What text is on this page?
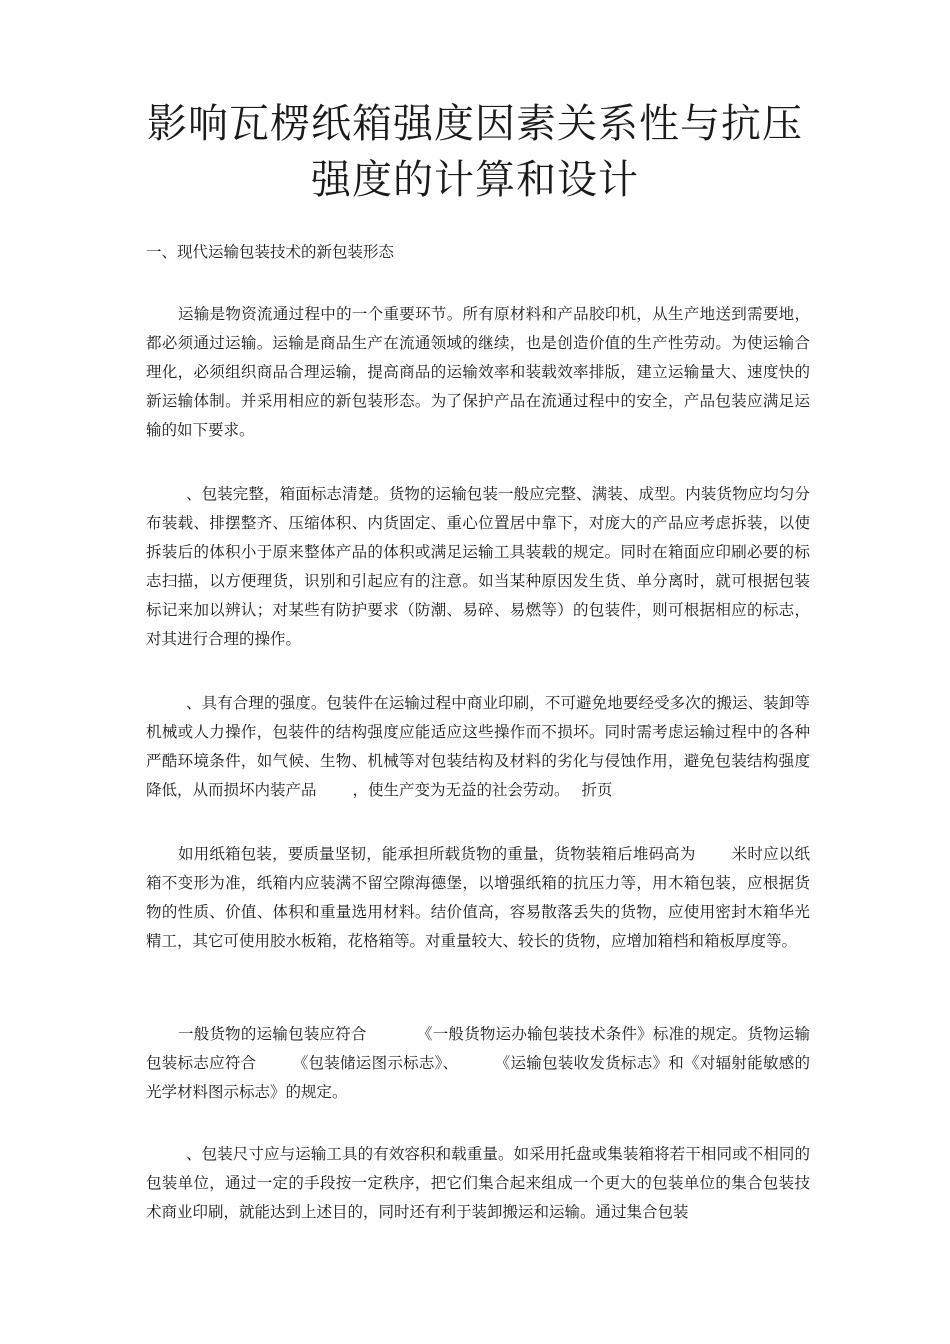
影响瓦楞纸箱强度因素关系性与抗压强度的计算和设计

一、现代运输包装技术的新包装形态

运输是物资流通过程中的一个重要环节。所有原材料和产品胶印机，从生产地送到需要地，都必须通过运输。运输是商品生产在流通领域的继续，也是创造价值的生产性劳动。为使运输合理化，必须组织商品合理运输，提高商品的运输效率和装载效率排版，建立运输量大、速度快的新运输体制。并采用相应的新包装形态。为了保护产品在流通过程中的安全，产品包装应满足运输的如下要求。

、包装完整，箱面标志清楚。货物的运输包装一般应完整、满装、成型。内装货物应均匀分布装载、排摆整齐、压缩体积、内货固定、重心位置居中靠下，对庞大的产品应考虑拆装，以使拆装后的体积小于原来整体产品的体积或满足运输工具装载的规定。同时在箱面应印刷必要的标志扫描，以方便理货，识别和引起应有的注意。如当某种原因发生货、单分离时，就可根据包装标记来加以辨认；对某些有防护要求（防潮、易碎、易燃等）的包装件，则可根据相应的标志，对其进行合理的操作。

、具有合理的强度。包装件在运输过程中商业印刷，不可避免地要经受多次的搬运、装卸等机械或人力操作，包装件的结构强度应能适应这些操作而不损坏。同时需考虑运输过程中的各种严酷环境条件，如气候、生物、机械等对包装结构及材料的劣化与侵蚀作用，避免包装结构强度降低，从而损坏内装产品 ，使生产变为无益的社会劳动。 折页

如用纸箱包装，要质量坚韧，能承担所载货物的重量，货物装箱后堆码高为 米时应以纸箱不变形为准，纸箱内应装满不留空隙海德堡，以增强纸箱的抗压力等，用木箱包装，应根据货物的性质、价值、体积和重量选用材料。结价值高，容易散落丢失的货物，应使用密封木箱华光精工，其它可使用胶水板箱，花格箱等。对重量较大、较长的货物，应增加箱档和箱板厚度等。

一般货物的运输包装应符合	《一般货物运办输包装技术条件》标准的规定。货物运输包装标志应符合 《包装储运图示标志》、 《运输包装收发货标志》和《对辐射能敏感的光学材料图示标志》的规定。

、包装尺寸应与运输工具的有效容积和载重量。如采用托盘或集装箱将若干相同或不相同的包装单位，通过一定的手段按一定秩序，把它们集合起来组成一个更大的包装单位的集合包装技术商业印刷，就能达到上述目的，同时还有利于装卸搬运和运输。通过集合包装
